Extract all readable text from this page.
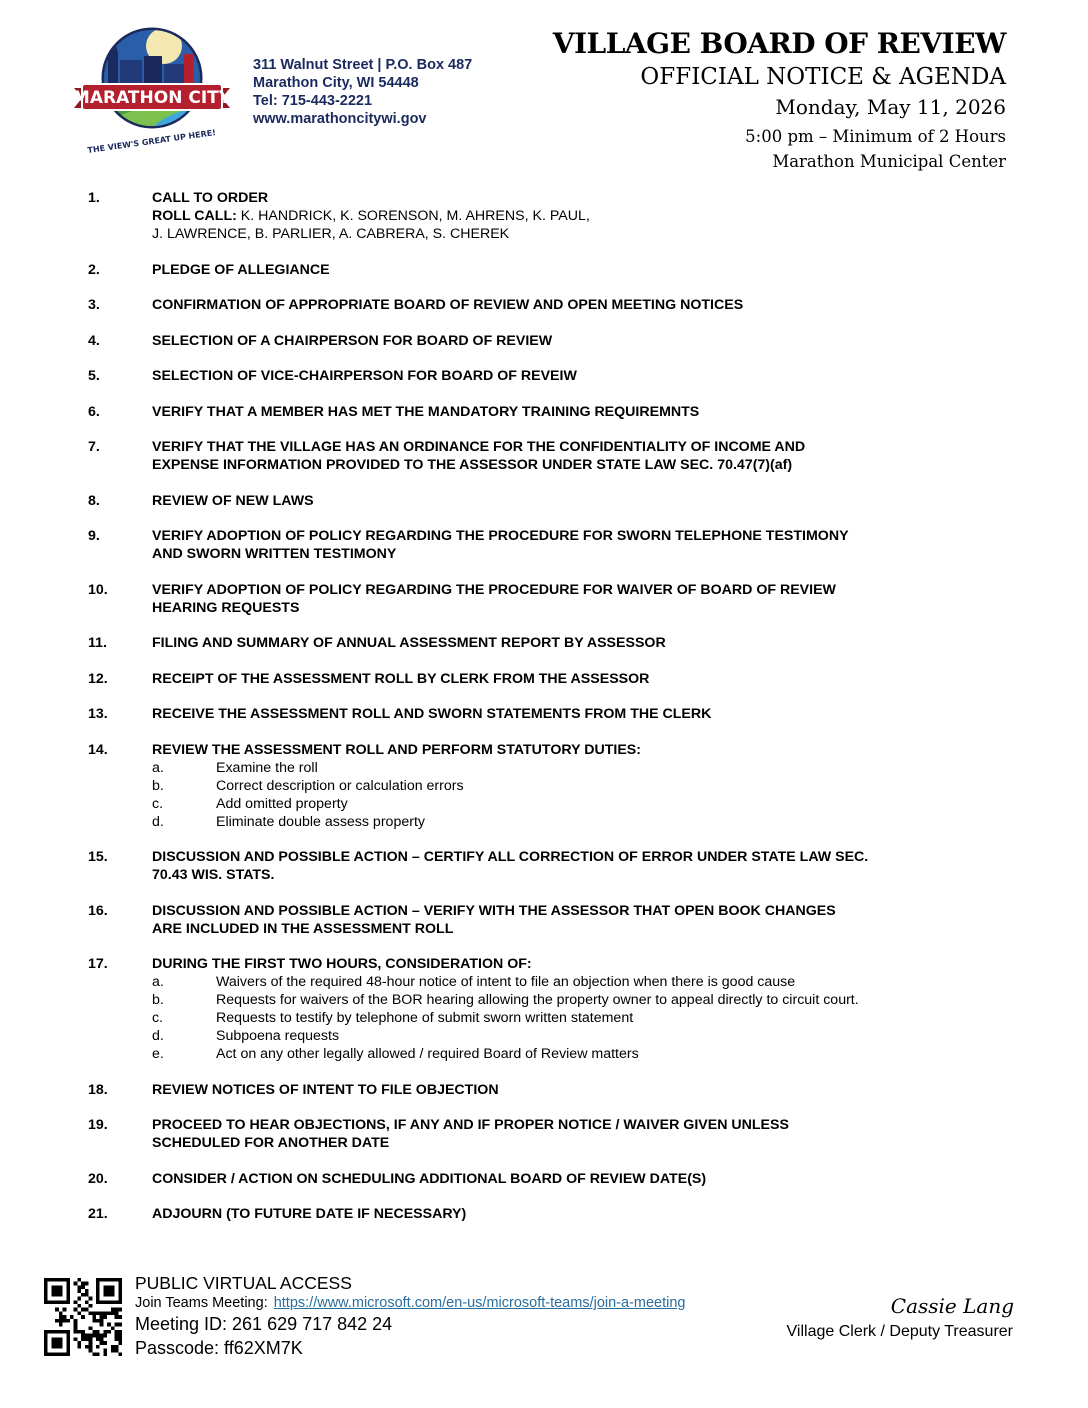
MARATHON CITY
THE VIEW'S GREAT UP HERE!
311 Walnut Street | P.O. Box 487
Marathon City, WI 54448
Tel: 715-443-2221
www.marathoncitywi.gov
VILLAGE BOARD OF REVIEW
OFFICIAL NOTICE & AGENDA
Monday, May 11, 2026
5:00 pm – Minimum of 2 Hours
Marathon Municipal Center
1.	CALL TO ORDER
ROLL CALL: K. HANDRICK, K. SORENSON, M. AHRENS, K. PAUL,
J. LAWRENCE, B. PARLIER, A. CABRERA, S. CHEREK
2.	PLEDGE OF ALLEGIANCE
3.	CONFIRMATION OF APPROPRIATE BOARD OF REVIEW AND OPEN MEETING NOTICES
4.	SELECTION OF A CHAIRPERSON FOR BOARD OF REVIEW
5.	SELECTION OF VICE-CHAIRPERSON FOR BOARD OF REVEIW
6.	VERIFY THAT A MEMBER HAS MET THE MANDATORY TRAINING REQUIREMNTS
7.	VERIFY THAT THE VILLAGE HAS AN ORDINANCE FOR THE CONFIDENTIALITY OF INCOME AND
EXPENSE INFORMATION PROVIDED TO THE ASSESSOR UNDER STATE LAW SEC. 70.47(7)(af)
8.	REVIEW OF NEW LAWS
9.	VERIFY ADOPTION OF POLICY REGARDING THE PROCEDURE FOR SWORN TELEPHONE TESTIMONY
AND SWORN WRITTEN TESTIMONY
10.	VERIFY ADOPTION OF POLICY REGARDING THE PROCEDURE FOR WAIVER OF BOARD OF REVIEW
HEARING REQUESTS
11.	FILING AND SUMMARY OF ANNUAL ASSESSMENT REPORT BY ASSESSOR
12.	RECEIPT OF THE ASSESSMENT ROLL BY CLERK FROM THE ASSESSOR
13.	RECEIVE THE ASSESSMENT ROLL AND SWORN STATEMENTS FROM THE CLERK
14.	REVIEW THE ASSESSMENT ROLL AND PERFORM STATUTORY DUTIES:
a.	Examine the roll
b.	Correct description or calculation errors
c.	Add omitted property
d.	Eliminate double assess property
15.	DISCUSSION AND POSSIBLE ACTION – CERTIFY ALL CORRECTION OF ERROR UNDER STATE LAW SEC.
70.43 WIS. STATS.
16.	DISCUSSION AND POSSIBLE ACTION – VERIFY WITH THE ASSESSOR THAT OPEN BOOK CHANGES
ARE INCLUDED IN THE ASSESSMENT ROLL
17.	DURING THE FIRST TWO HOURS, CONSIDERATION OF:
a.	Waivers of the required 48-hour notice of intent to file an objection when there is good cause
b.	Requests for waivers of the BOR hearing allowing the property owner to appeal directly to circuit court.
c.	Requests to testify by telephone of submit sworn written statement
d.	Subpoena requests
e.	Act on any other legally allowed / required Board of Review matters
18.	REVIEW NOTICES OF INTENT TO FILE OBJECTION
19.	PROCEED TO HEAR OBJECTIONS, IF ANY AND IF PROPER NOTICE / WAIVER GIVEN UNLESS
SCHEDULED FOR ANOTHER DATE
20.	CONSIDER / ACTION ON SCHEDULING ADDITIONAL BOARD OF REVIEW DATE(S)
21.	ADJOURN (TO FUTURE DATE IF NECESSARY)
PUBLIC VIRTUAL ACCESS
Join Teams Meeting: https://www.microsoft.com/en-us/microsoft-teams/join-a-meeting
Meeting ID: 261 629 717 842 24
Passcode: ff62XM7K
Cassie Lang
Village Clerk / Deputy Treasurer
